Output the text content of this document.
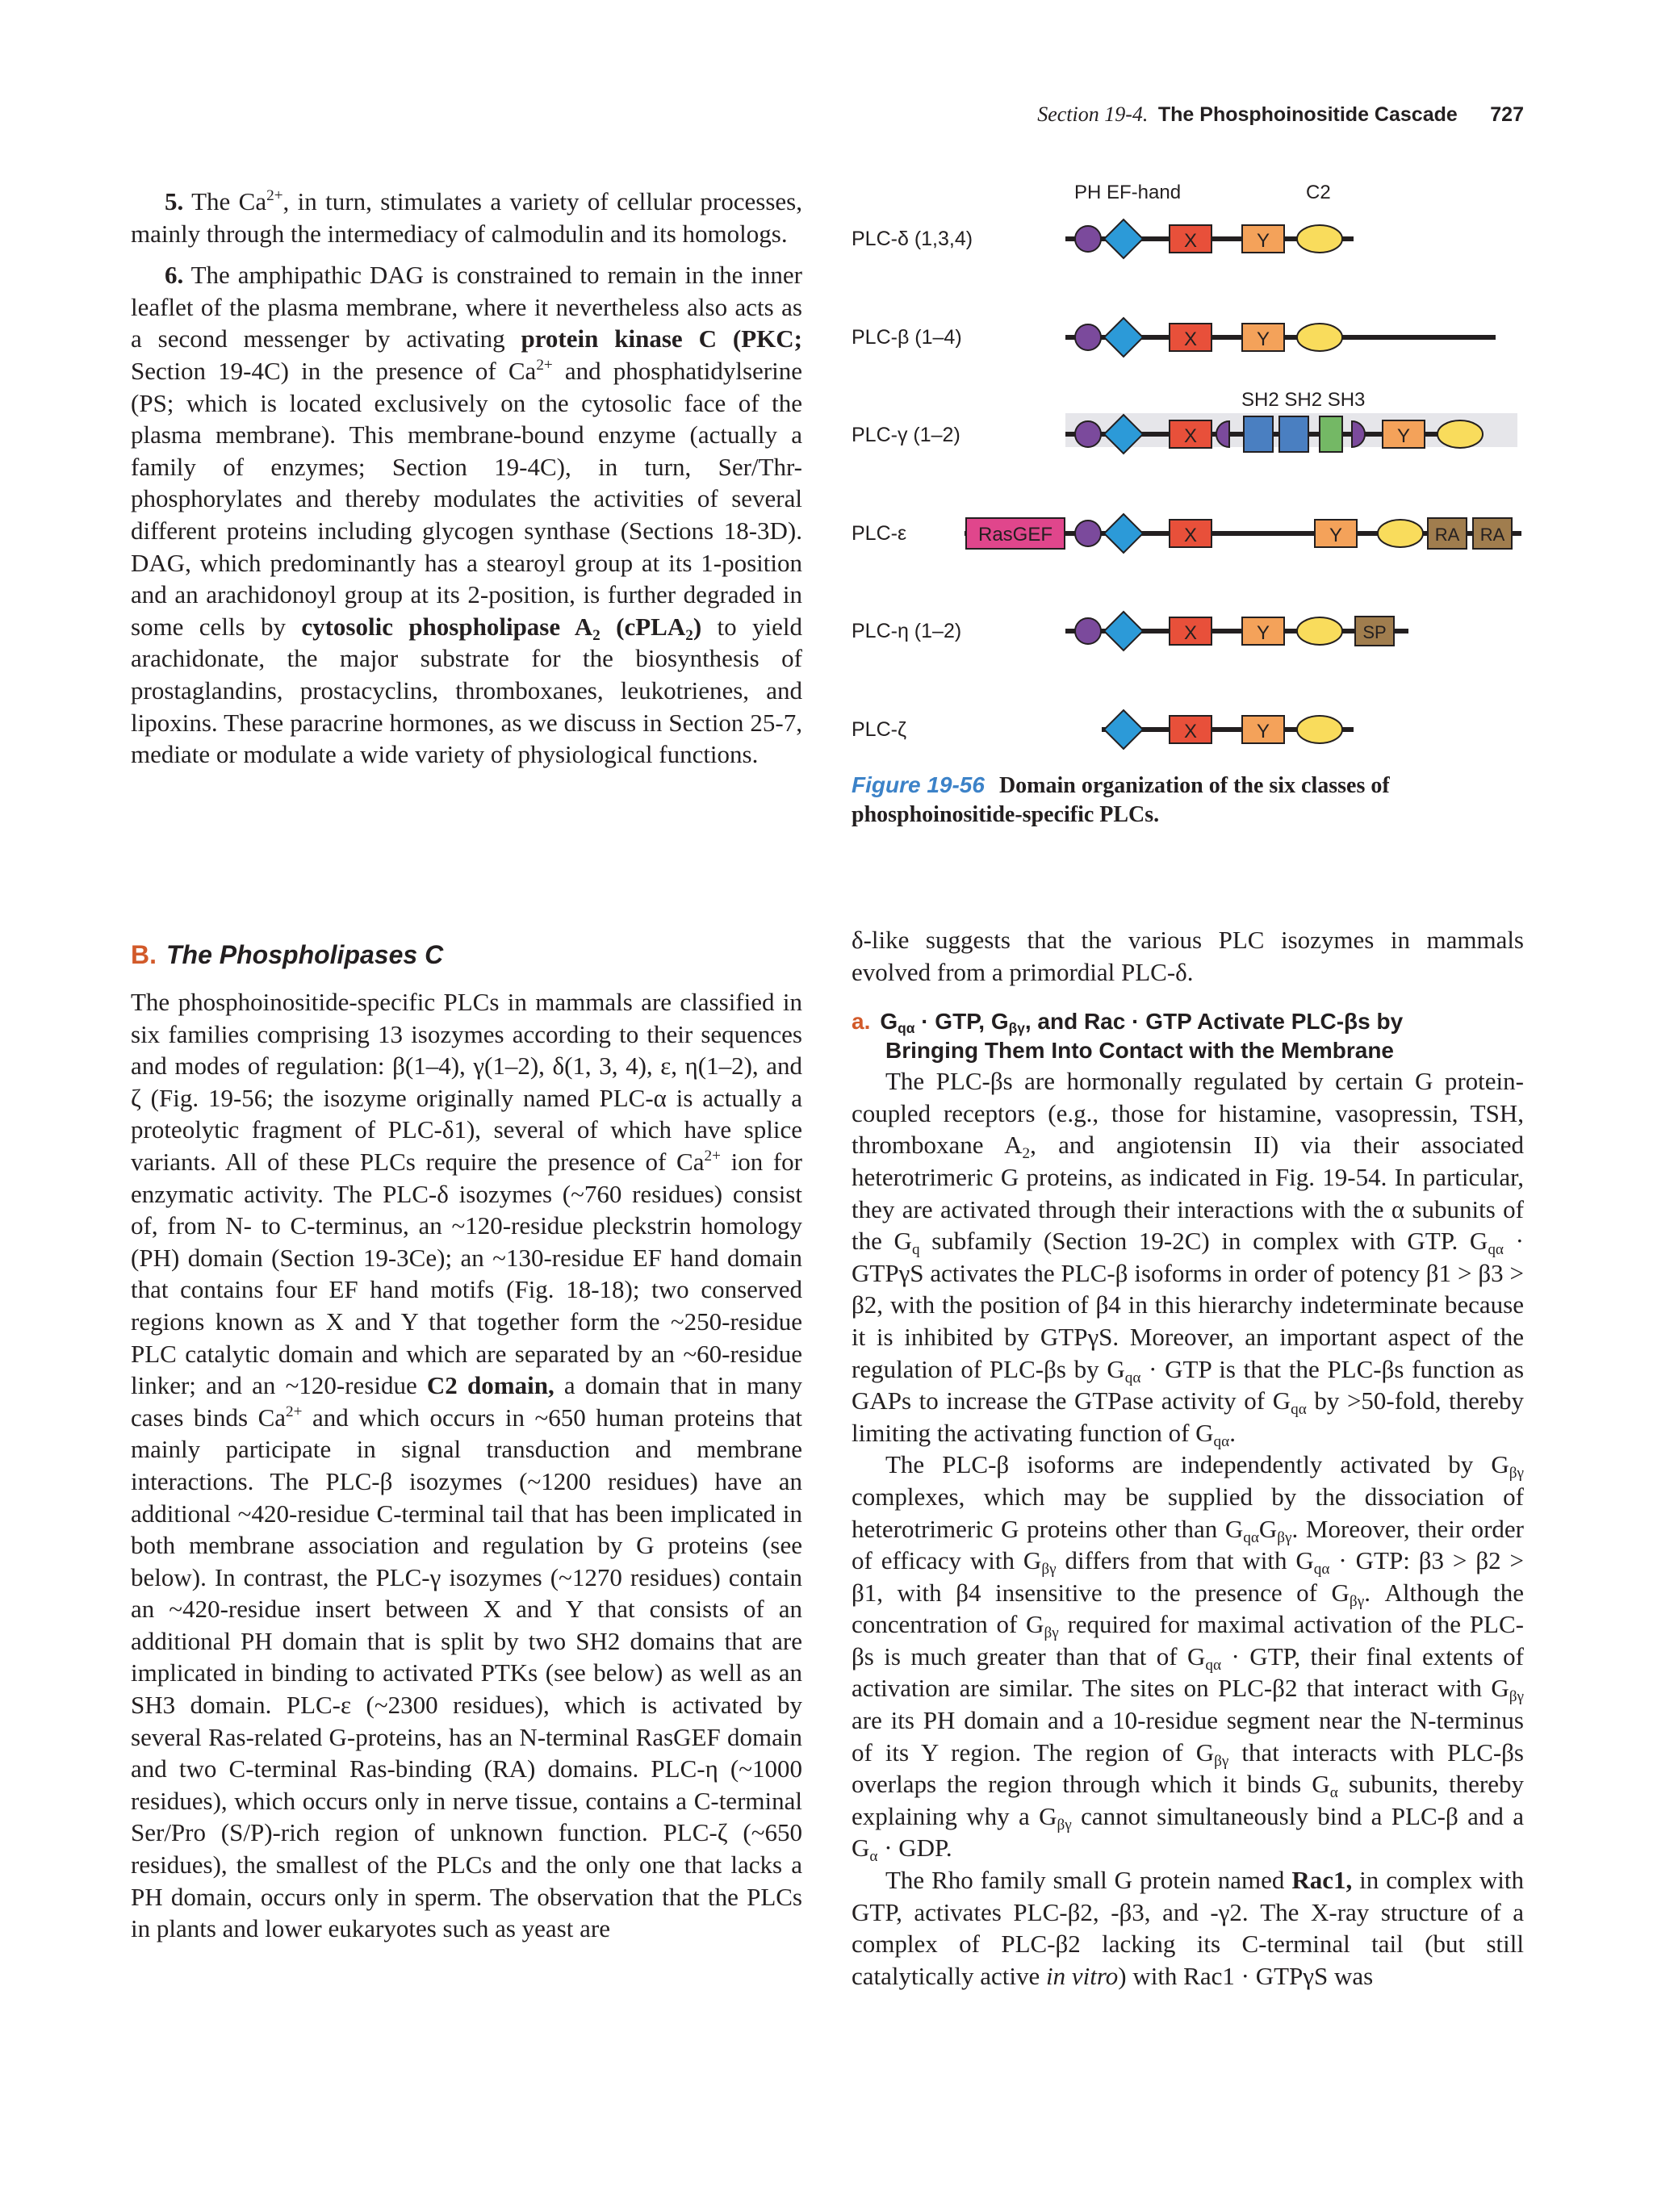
Section 19-4. The Phosphoinositide Cascade 727

5. The $Ca^{2+}$, in turn, stimulates a variety of cellular processes, mainly through the intermediacy of calmodulin and its homologs.

6. The amphipathic DAG is constrained to remain in the inner leaflet of the plasma membrane, where it nevertheless also acts as a second messenger by activating protein kinase C (PKC; Section 19-4C) in the presence of $Ca^{2+}$ and phosphatidylserine (PS; which is located exclusively on the cytosolic face of the plasma membrane). This membrane-bound enzyme (actually a family of enzymes; Section 19-4C), in turn, Ser/Thr-phosphorylates and thereby modulates the activities of several different proteins including glycogen synthase (Sections 18-3D). DAG, which predominantly has a stearoyl group at its 1-position and an arachidonoyl group at its 2-position, is further degraded in some cells by cytosolic phospholipase $A_2$ (cPLA$_2$) to yield arachidonate, the major substrate for the biosynthesis of prostaglandins, prostacyclins, thromboxanes, leukotrienes, and lipoxins. These paracrine hormones, as we discuss in Section 25-7, mediate or modulate a wide variety of physiological functions.

B. The Phospholipases C

The phosphoinositide-specific PLCs in mammals are classified in six families comprising 13 isozymes according to their sequences and modes of regulation: β(1–4), γ(1–2), δ(1, 3, 4), ε, η(1–2), and ζ (Fig. 19-56; the isozyme originally named PLC-α is actually a proteolytic fragment of PLC-δ1), several of which have splice variants. All of these PLCs require the presence of $Ca^{2+}$ ion for enzymatic activity. The PLC-δ isozymes (~760 residues) consist of, from N- to C-terminus, an ~120-residue pleckstrin homology (PH) domain (Section 19-3Ce); an ~130-residue EF hand domain that contains four EF hand motifs (Fig. 18-18); two conserved regions known as X and Y that together form the ~250-residue PLC catalytic domain and which are separated by an ~60-residue linker; and an ~120-residue C2 domain, a domain that in many cases binds $Ca^{2+}$ and which occurs in ~650 human proteins that mainly participate in signal transduction and membrane interactions. The PLC-β isozymes (~1200 residues) have an additional ~420-residue C-terminal tail that has been implicated in both membrane association and regulation by G proteins (see below). In contrast, the PLC-γ isozymes (~1270 residues) contain an ~420-residue insert between X and Y that consists of an additional PH domain that is split by two SH2 domains that are implicated in binding to activated PTKs (see below) as well as an SH3 domain. PLC-ε (~2300 residues), which is activated by several Ras-related G-proteins, has an N-terminal RasGEF domain and two C-terminal Ras-binding (RA) domains. PLC-η (~1000 residues), which occurs only in nerve tissue, contains a C-terminal Ser/Pro (S/P)-rich region of unknown function. PLC-ζ (~650 residues), the smallest of the PLCs and the only one that lacks a PH domain, occurs only in sperm. The observation that the PLCs in plants and lower eukaryotes such as yeast are

PH EF-hand	C2
SH2 SH2 SH3
PLC-δ (1,3,4)
PLC-β (1–4)
PLC-γ (1–2)
PLC-ε
PLC-η (1–2)
PLC-ζ
X	Y
X	Y
X	Y
RasGEF	X	Y	RA RA
X	Y	SP
X	Y
Figure 19-56 Domain organization of the six classes of phosphoinositide-specific PLCs.

δ-like suggests that the various PLC isozymes in mammals evolved from a primordial PLC-δ.

a. $G_{q\alpha}$ · GTP, $G_{\beta\gamma}$, and Rac · GTP Activate PLC-βs by
Bringing Them Into Contact with the Membrane

The PLC-βs are hormonally regulated by certain G protein-coupled receptors (e.g., those for histamine, vasopressin, TSH, thromboxane $A_2$, and angiotensin II) via their associated heterotrimeric G proteins, as indicated in Fig. 19-54. In particular, they are activated through their interactions with the α subunits of the $G_q$ subfamily (Section 19-2C) in complex with GTP. $G_{q\alpha} \cdot GTP\gamma S$ activates the PLC-β isoforms in order of potency β1 > β3 > β2, with the position of β4 in this hierarchy indeterminate because it is inhibited by GTPγS. Moreover, an important aspect of the regulation of PLC-βs by $G_{q\alpha}$ · GTP is that the PLC-βs function as GAPs to increase the GTPase activity of $G_{q\alpha}$ by >50-fold, thereby limiting the activating function of $G_{q\alpha}$.

The PLC-β isoforms are independently activated by $G_{\beta\gamma}$ complexes, which may be supplied by the dissociation of heterotrimeric G proteins other than $G_{q\alpha}G_{\beta\gamma}$. Moreover, their order of efficacy with $G_{\beta\gamma}$ differs from that with $G_{q\alpha}$ · GTP: β3 > β2 > β1, with β4 insensitive to the presence of $G_{\beta\gamma}$. Although the concentration of $G_{\beta\gamma}$ required for maximal activation of the PLC-βs is much greater than that of $G_{q\alpha}$ · GTP, their final extents of activation are similar. The sites on PLC-β2 that interact with $G_{\beta\gamma}$ are its PH domain and a 10-residue segment near the N-terminus of its Y region. The region of $G_{\beta\gamma}$ that interacts with PLC-βs overlaps the region through which it binds $G_\alpha$ subunits, thereby explaining why a $G_{\beta\gamma}$ cannot simultaneously bind a PLC-β and a $G_\alpha$ · GDP.

The Rho family small G protein named Rac1, in complex with GTP, activates PLC-β2, -β3, and -γ2. The X-ray structure of a complex of PLC-β2 lacking its C-terminal tail (but still catalytically active in vitro) with Rac1 · GTPγS was
